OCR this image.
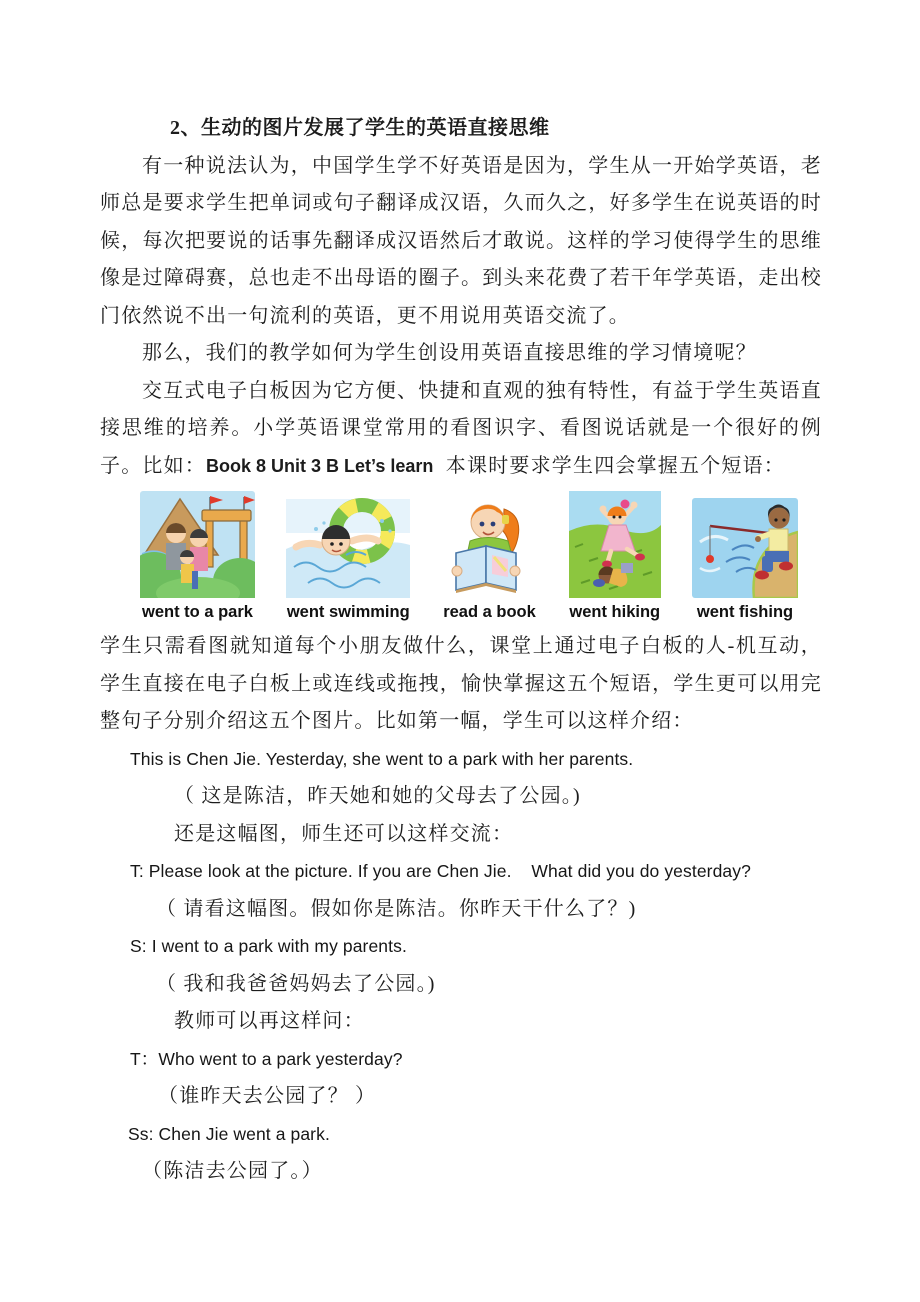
2、生动的图片发展了学生的英语直接思维
有一种说法认为，中国学生学不好英语是因为，学生从一开始学英语，老师总是要求学生把单词或句子翻译成汉语，久而久之，好多学生在说英语的时候，每次把要说的话事先翻译成汉语然后才敢说。这样的学习使得学生的思维像是过障碍赛，总也走不出母语的圈子。到头来花费了若干年学英语，走出校门依然说不出一句流利的英语，更不用说用英语交流了。
那么，我们的教学如何为学生创设用英语直接思维的学习情境呢？
交互式电子白板因为它方便、快捷和直观的独有特性，有益于学生英语直接思维的培养。小学英语课堂常用的看图识字、看图说话就是一个很好的例子。比如：Book 8 Unit 3 B Let’s learn  本课时要求学生四会掌握五个短语：
went to a park went swimming read a book went hiking went fishing
学生只需看图就知道每个小朋友做什么，课堂上通过电子白板的人-机互动，学生直接在电子白板上或连线或拖拽，愉快掌握这五个短语，学生更可以用完整句子分别介绍这五个图片。比如第一幅，学生可以这样介绍：
This is Chen Jie. Yesterday, she went to a park with her parents.
（ 这是陈洁，昨天她和她的父母去了公园。)
还是这幅图，师生还可以这样交流：
T: Please look at the picture. If you are Chen Jie.    What did you do yesterday?
（ 请看这幅图。假如你是陈洁。你昨天干什么了？)
S: I went to a park with my parents.
（ 我和我爸爸妈妈去了公园。)
教师可以再这样问：
T：Who went to a park yesterday?
（谁昨天去公园了？ ）
Ss: Chen Jie went a park.
（陈洁去公园了。）
